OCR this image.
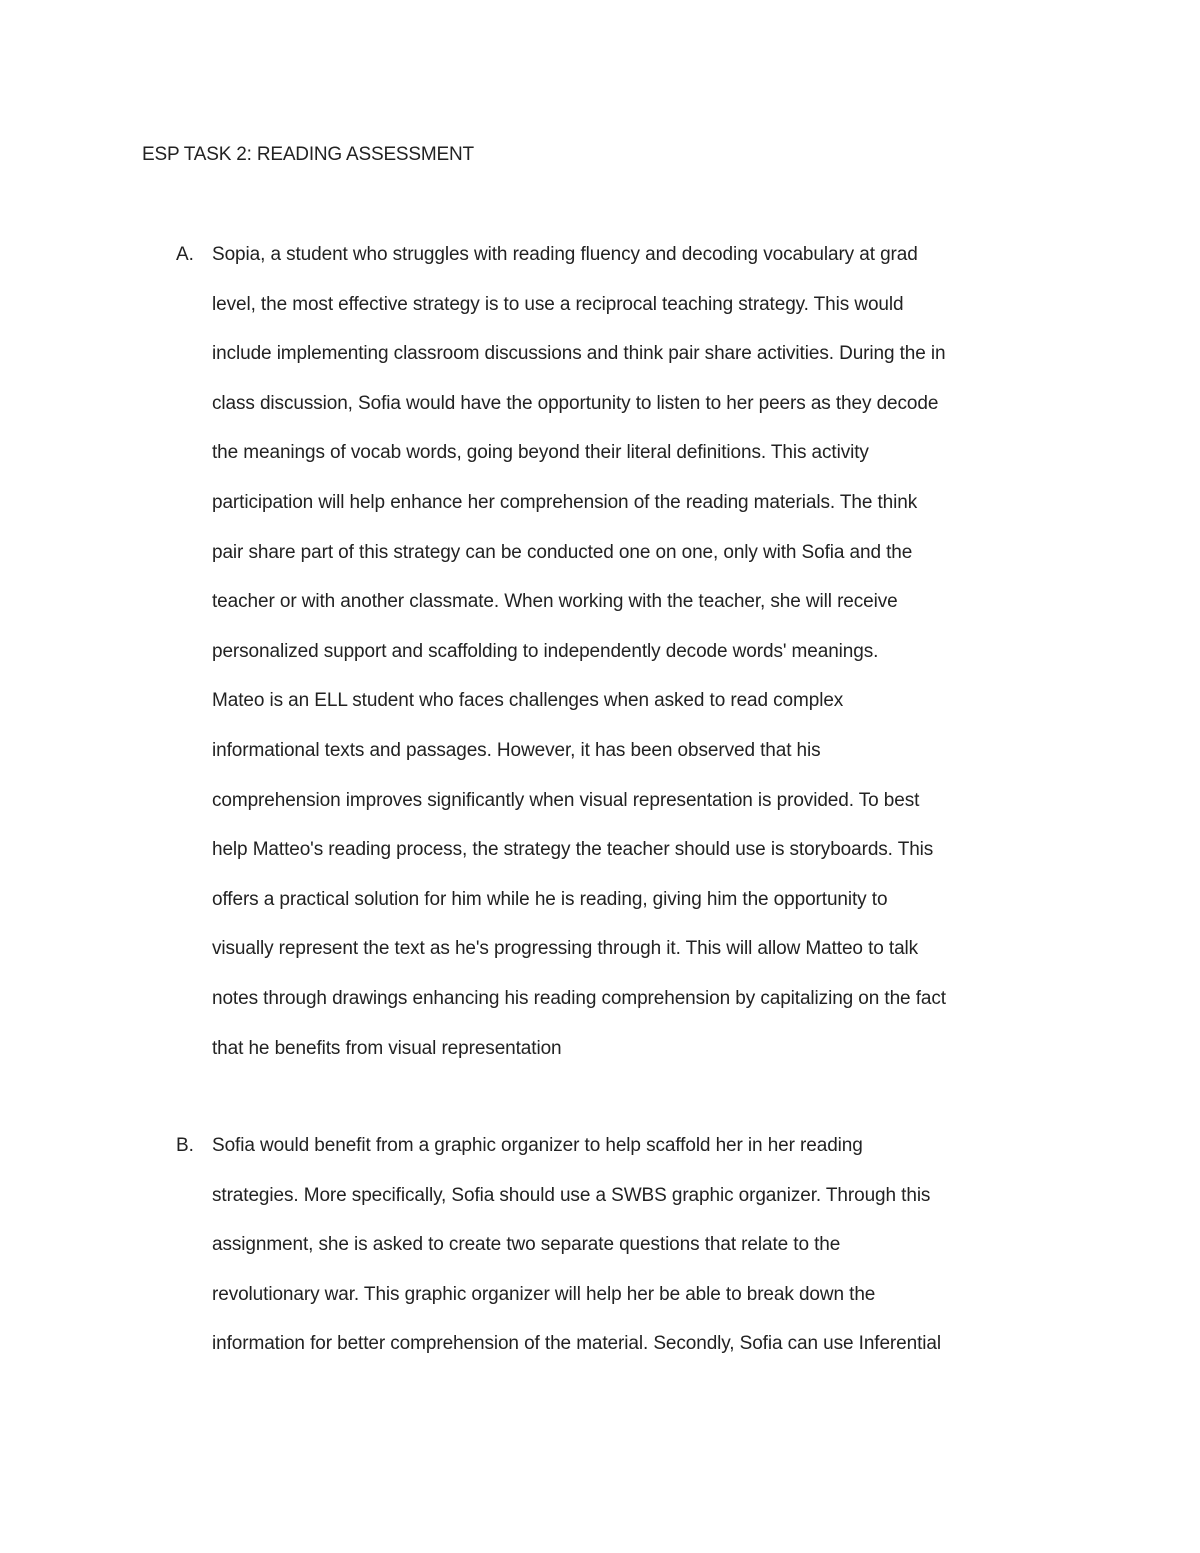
ESP TASK 2: READING ASSESSMENT
A. Sopia, a student who struggles with reading fluency and decoding vocabulary at grad
level, the most effective strategy is to use a reciprocal teaching strategy. This would
include implementing classroom discussions and think pair share activities. During the in
class discussion, Sofia would have the opportunity to listen to her peers as they decode
the meanings of vocab words, going beyond their literal definitions. This activity
participation will help enhance her comprehension of the reading materials. The think
pair share part of this strategy can be conducted one on one, only with Sofia and the
teacher or with another classmate. When working with the teacher, she will receive
personalized support and scaffolding to independently decode words' meanings.
Mateo is an ELL student who faces challenges when asked to read complex
informational texts and passages. However, it has been observed that his
comprehension improves significantly when visual representation is provided. To best
help Matteo's reading process, the strategy the teacher should use is storyboards. This
offers a practical solution for him while he is reading, giving him the opportunity to
visually represent the text as he's progressing through it. This will allow Matteo to talk
notes through drawings enhancing his reading comprehension by capitalizing on the fact
that he benefits from visual representation
B. Sofia would benefit from a graphic organizer to help scaffold her in her reading
strategies. More specifically, Sofia should use a SWBS graphic organizer. Through this
assignment, she is asked to create two separate questions that relate to the
revolutionary war. This graphic organizer will help her be able to break down the
information for better comprehension of the material. Secondly, Sofia can use Inferential
